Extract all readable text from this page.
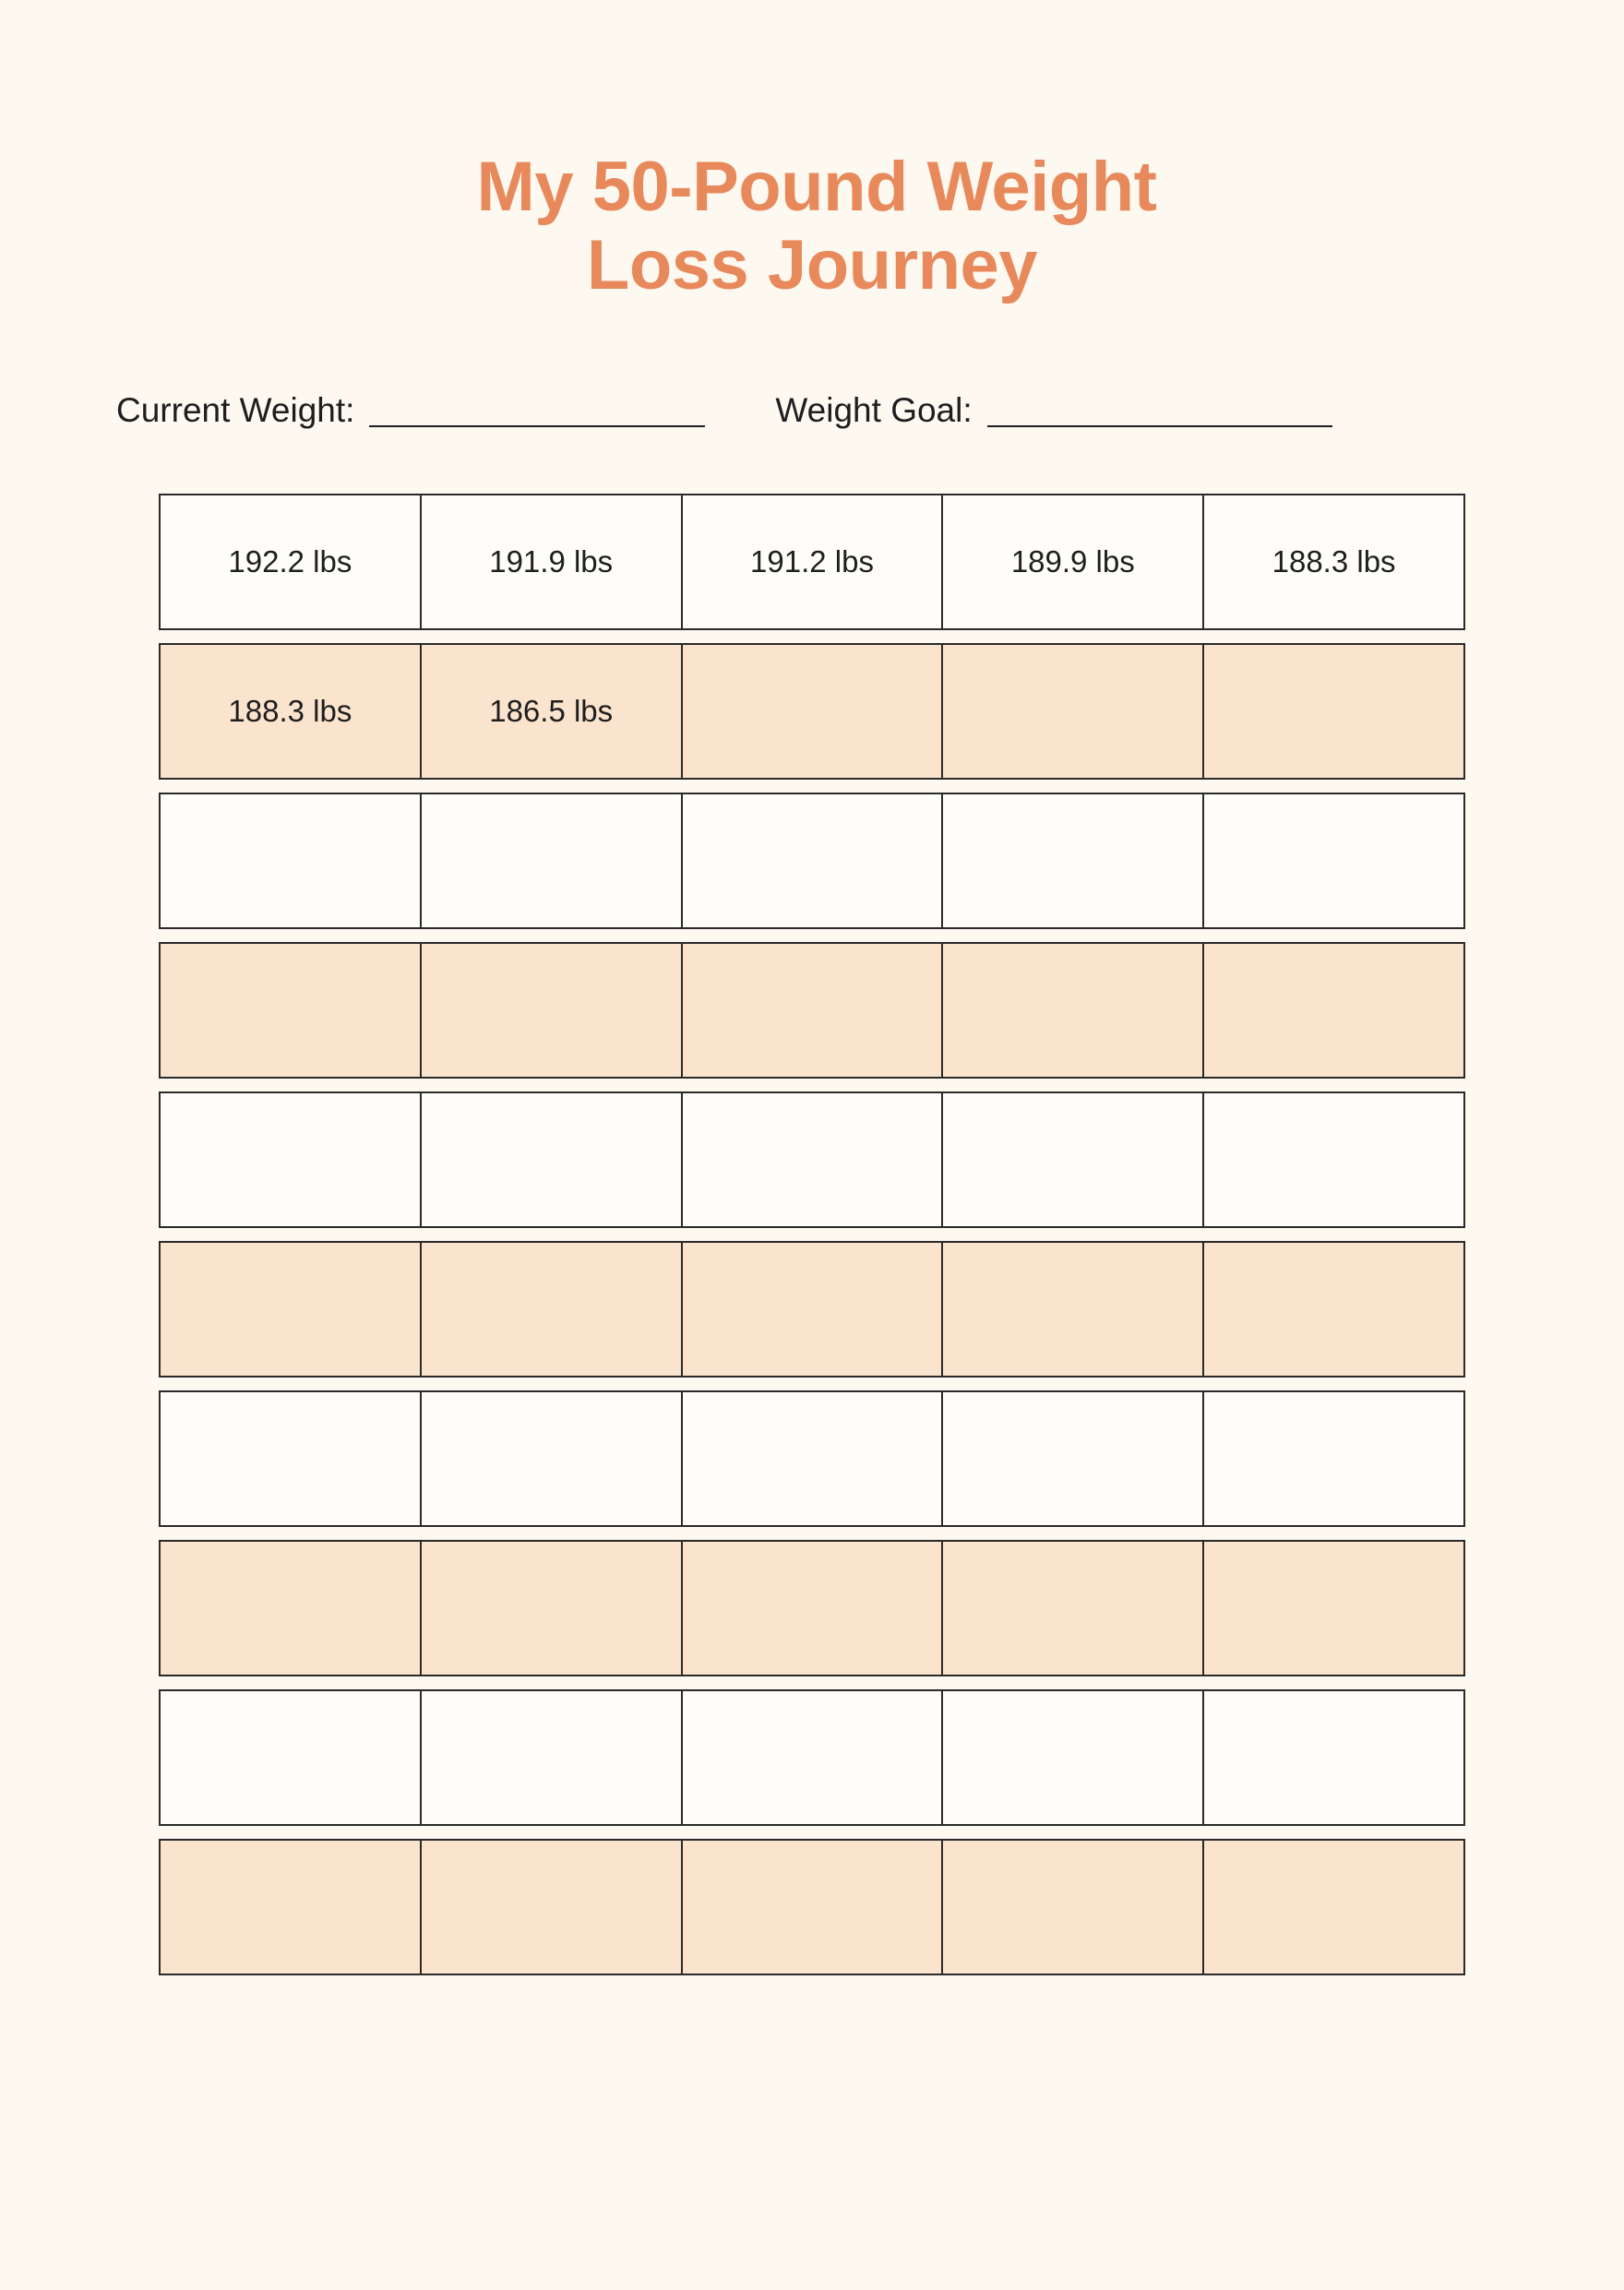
My 50-Pound Weight
Loss Journey
Current Weight:	Weight Goal:
192.2 lbs	191.9 lbs	191.2 lbs	189.9 lbs	188.3 lbs
188.3 lbs	186.5 lbs
